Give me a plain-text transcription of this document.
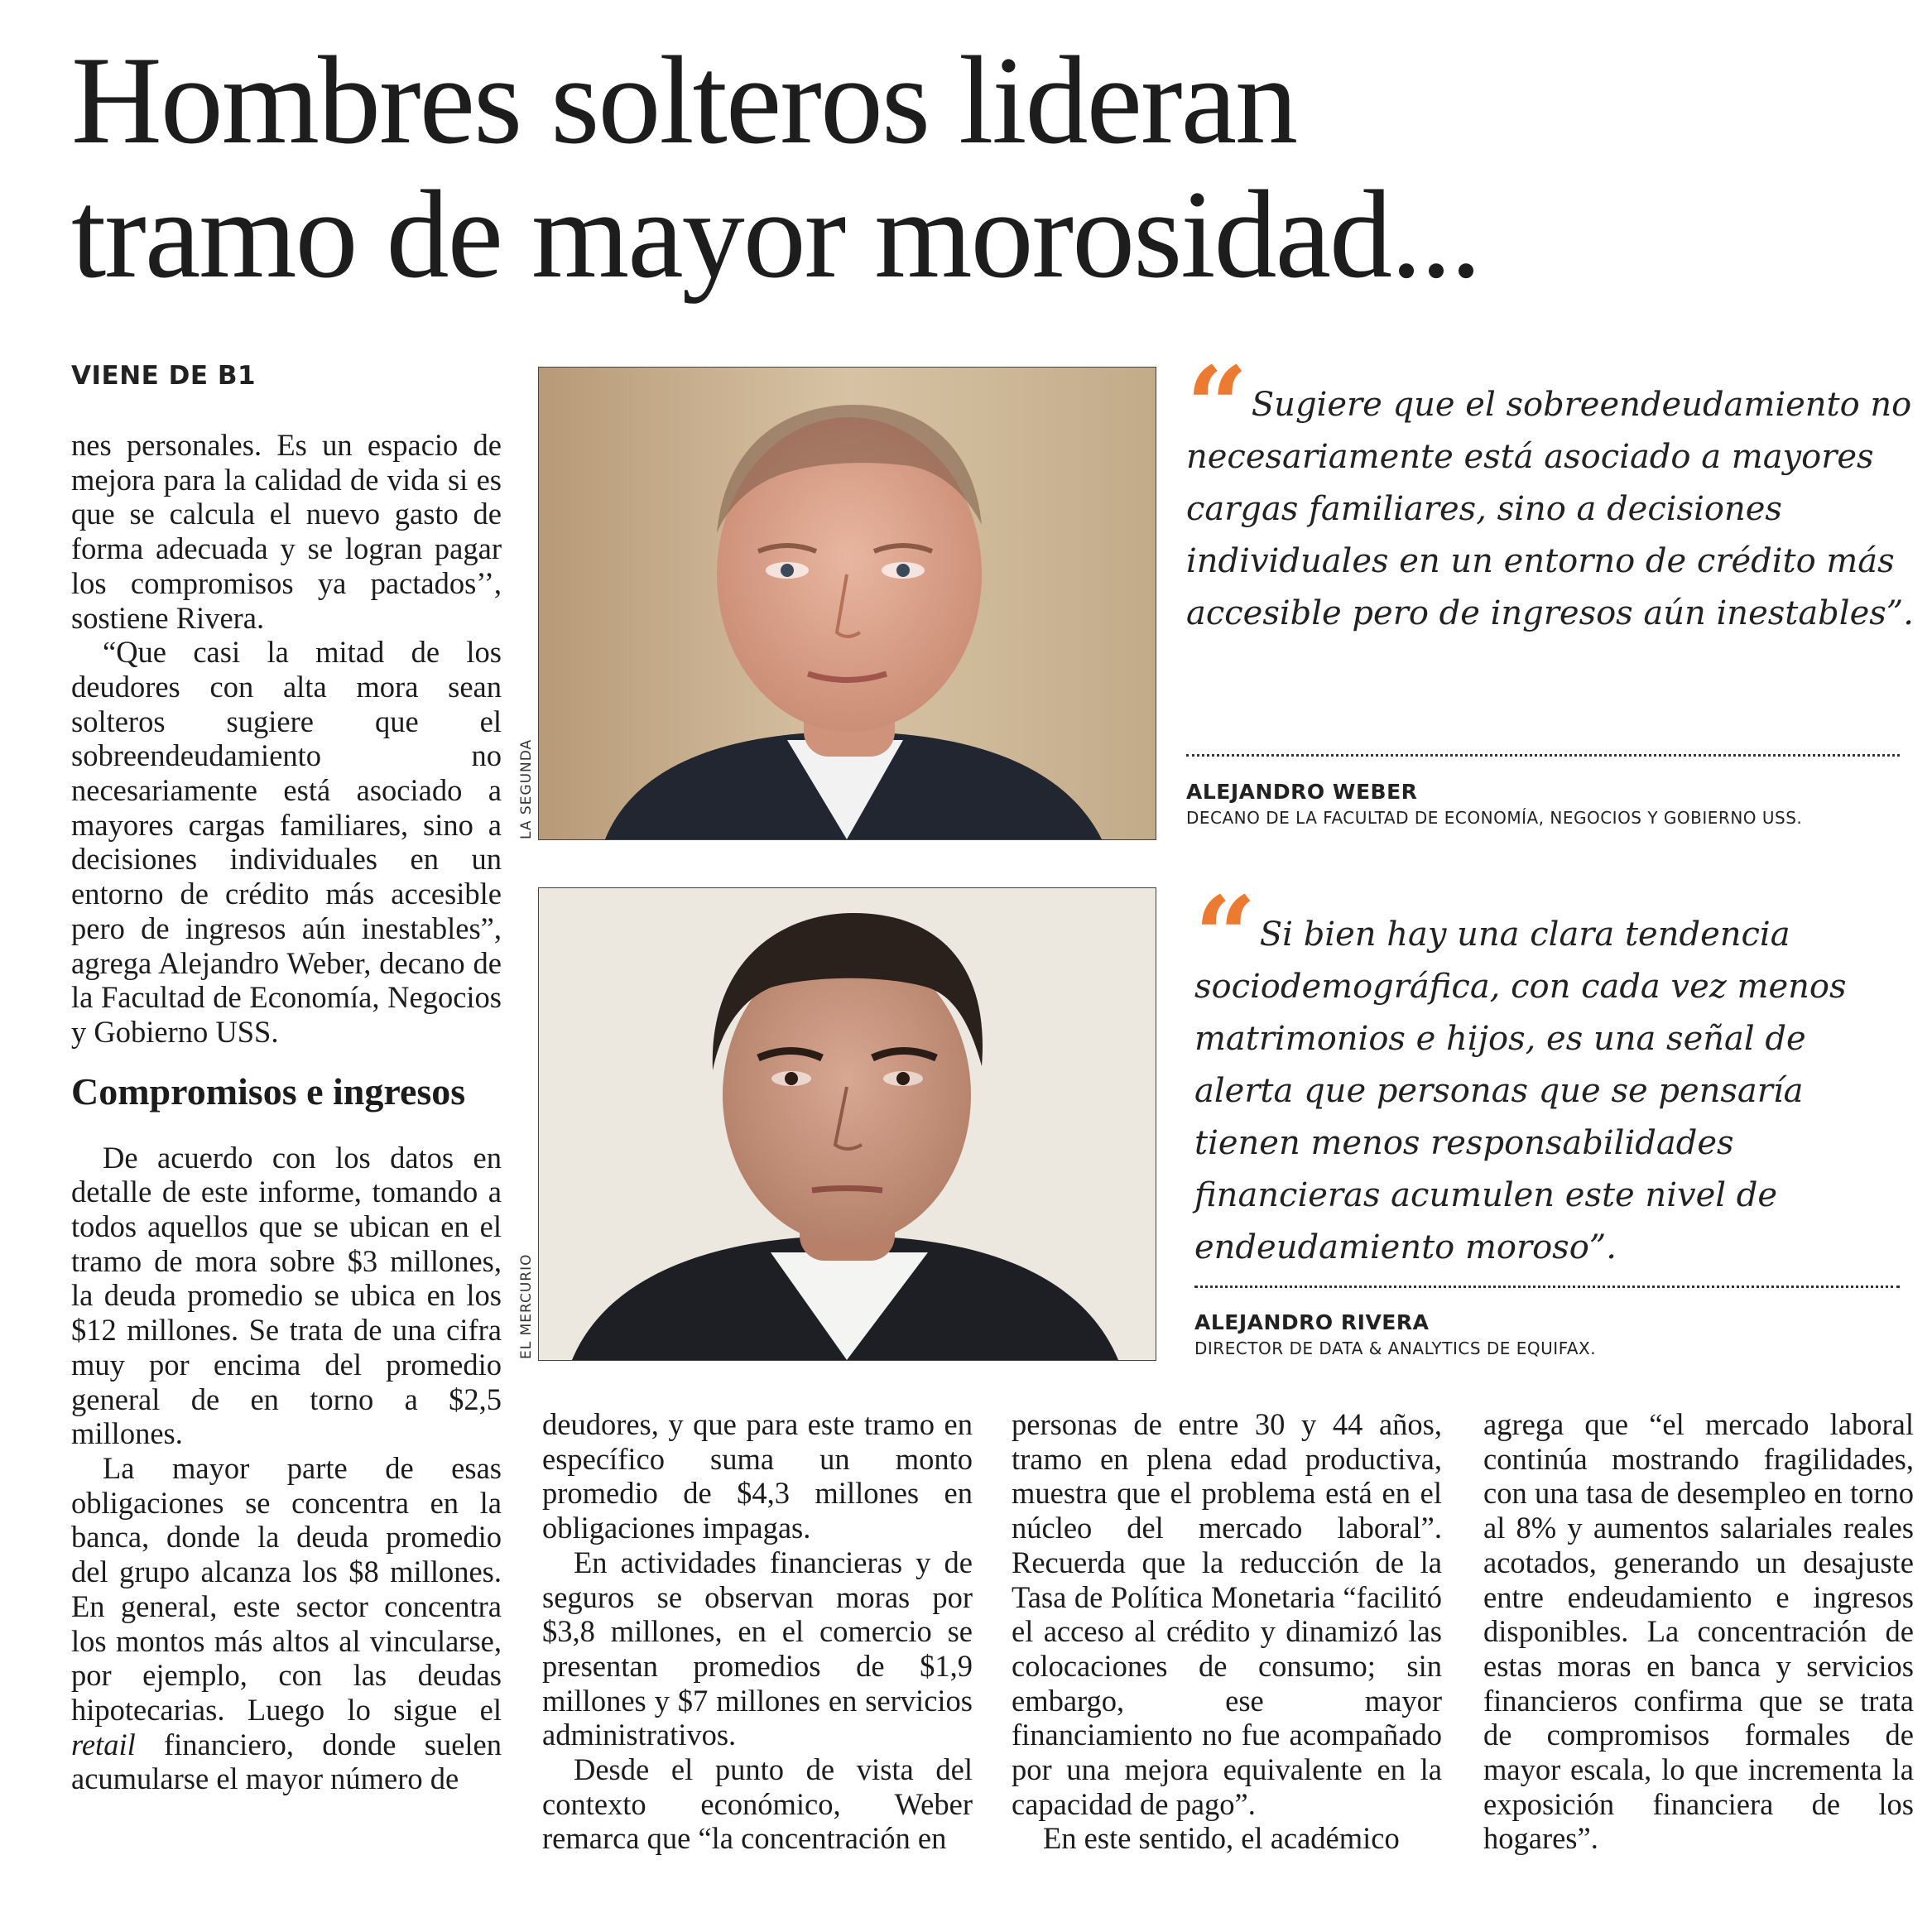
Hombres solteros lideran
tramo de mayor morosidad...
VIENE DE B1

nes personales. Es un espacio de mejora para la calidad de vida si es que se calcula el nuevo gasto de forma adecuada y se logran pagar los compromisos ya pactados’’, sostiene Rivera.

“Que casi la mitad de los deudores con alta mora sean solteros sugiere que el sobreendeudamiento no necesariamente está asociado a mayores cargas familiares, sino a decisiones individuales en un entorno de crédito más accesible pero de ingresos aún inestables”, agrega Alejandro Weber, decano de la Facultad de Economía, Negocios y Gobierno USS.

Compromisos e ingresos

De acuerdo con los datos en detalle de este informe, tomando a todos aquellos que se ubican en el tramo de mora sobre $3 millones, la deuda promedio se ubica en los $12 millones. Se trata de una cifra muy por encima del promedio general de en torno a $2,5 millones.

La mayor parte de esas obligaciones se concentra en la banca, donde la deuda promedio del grupo alcanza los $8 millones. En general, este sector concentra los montos más altos al vincularse, por ejemplo, con las deudas hipotecarias. Luego lo sigue el retail financiero, donde suelen acumularse el mayor número de

LA SEGUNDA
EL MERCURIO
“ Sugiere que el sobreendeudamiento no necesariamente está asociado a mayores cargas familiares, sino a decisiones individuales en un entorno de crédito más accesible pero de ingresos aún inestables”.
ALEJANDRO WEBER
DECANO DE LA FACULTAD DE ECONOMÍA, NEGOCIOS Y GOBIERNO USS.
“ Si bien hay una clara tendencia sociodemográfica, con cada vez menos matrimonios e hijos, es una señal de alerta que personas que se pensaría tienen menos responsabilidades financieras acumulen este nivel de endeudamiento moroso”.
ALEJANDRO RIVERA
DIRECTOR DE DATA & ANALYTICS DE EQUIFAX.

deudores, y que para este tramo en específico suma un monto promedio de $4,3 millones en obligaciones impagas.

En actividades financieras y de seguros se observan moras por $3,8 millones, en el comercio se presentan promedios de $1,9 millones y $7 millones en servicios administrativos.

Desde el punto de vista del contexto económico, Weber remarca que “la concentración en

personas de entre 30 y 44 años, tramo en plena edad productiva, muestra que el problema está en el núcleo del mercado laboral”. Recuerda que la reducción de la Tasa de Política Monetaria “facilitó el acceso al crédito y dinamizó las colocaciones de consumo; sin embargo, ese mayor financiamiento no fue acompañado por una mejora equivalente en la capacidad de pago”.

En este sentido, el académico

agrega que “el mercado laboral continúa mostrando fragilidades, con una tasa de desempleo en torno al 8% y aumentos salariales reales acotados, generando un desajuste entre endeudamiento e ingresos disponibles. La concentración de estas moras en banca y servicios financieros confirma que se trata de compromisos formales de mayor escala, lo que incrementa la exposición financiera de los hogares”.
